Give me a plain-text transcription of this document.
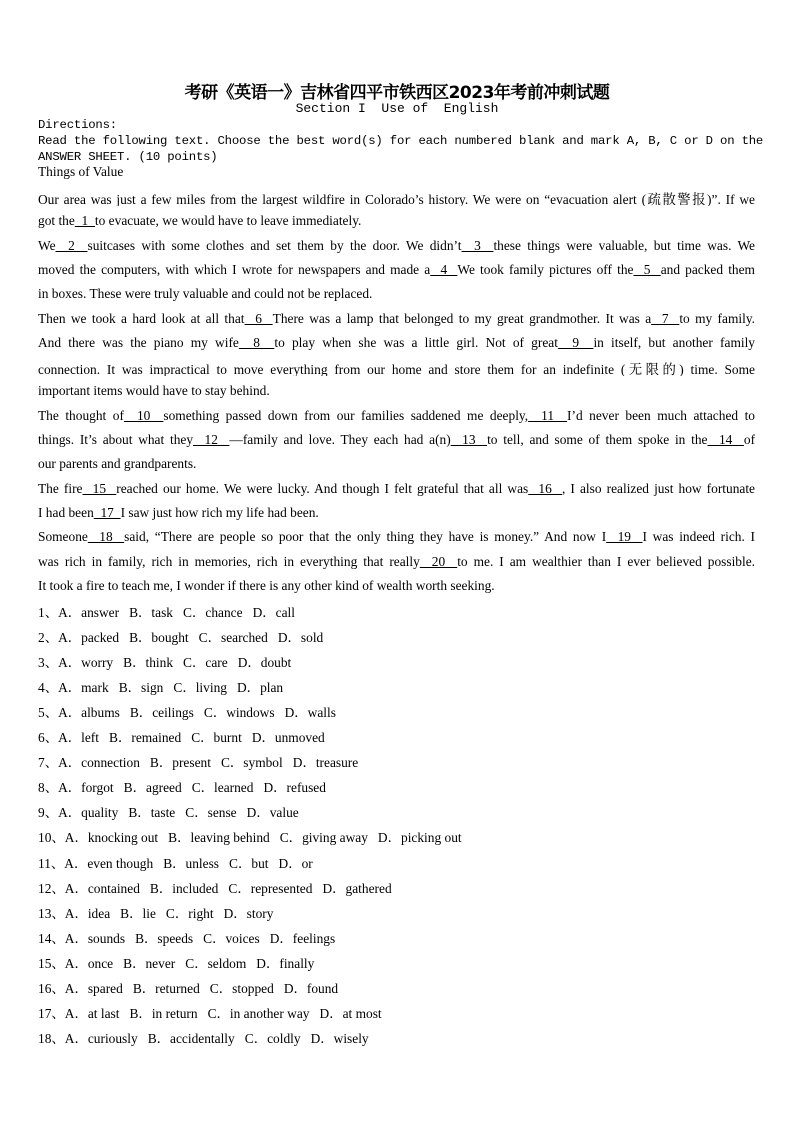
考研《英语一》吉林省四平市铁西区2023年考前冲刺试题
Section I  Use of  English
Directions:
Read the following text. Choose the best word(s) for each numbered blank and mark A, B, C or D on the
ANSWER SHEET. (10 points)
Things of Value
Our area was just a few miles from the largest wildfire in Colorado’s history. We were on “evacuation alert (疏散警报)”. If we
got the  1  to evacuate, we would have to leave immediately.
We  2  suitcases with some clothes and set them by the door. We didn’t  3  these things were valuable, but time was. We
moved the computers, with which I wrote for newspapers and made a  4  We took family pictures off the  5  and packed them
in boxes. These were truly valuable and could not be replaced.
Then we took a hard look at all that  6  There was a lamp that belonged to my great grandmother. It was a  7  to my family.
And there was the piano my wife  8  to play when she was a little girl. Not of great  9  in itself, but another family
connection. It was impractical to move everything from our home and store them for an indefinite (无限的) time. Some
important items would have to stay behind.
The thought of  10  something passed down from our families saddened me deeply,  11  I’d never been much attached to
things. It’s about what they  12  —family and love. They each had a(n)  13  to tell, and some of them spoke in the  14  of
our parents and grandparents.
The fire  15  reached our home. We were lucky. And though I felt grateful that all was  16  , I also realized just how fortunate
I had been  17  I saw just how rich my life had been.
Someone  18  said, “There are people so poor that the only thing they have is money.” And now I  19  I was indeed rich. I
was rich in family, rich in memories, rich in everything that really  20  to me. I am wealthier than I ever believed possible.
It took a fire to teach me, I wonder if there is any other kind of wealth worth seeking.
1、A．answer   B．task   C．chance   D．call
2、A．packed   B．bought   C．searched   D．sold
3、A．worry   B．think   C．care   D．doubt
4、A．mark   B．sign   C．living   D．plan
5、A．albums   B．ceilings   C．windows   D．walls
6、A．left   B．remained   C．burnt   D．unmoved
7、A．connection   B．present   C．symbol   D．treasure
8、A．forgot   B．agreed   C．learned   D．refused
9、A．quality   B．taste   C．sense   D．value
10、A．knocking out   B．leaving behind   C．giving away   D．picking out
11、A．even though   B．unless   C．but   D．or
12、A．contained   B．included   C．represented   D．gathered
13、A．idea   B．lie   C．right   D．story
14、A．sounds   B．speeds   C．voices   D．feelings
15、A．once   B．never   C．seldom   D．finally
16、A．spared   B．returned   C．stopped   D．found
17、A．at last   B．in return   C．in another way   D．at most
18、A．curiously   B．accidentally   C．coldly   D．wisely
